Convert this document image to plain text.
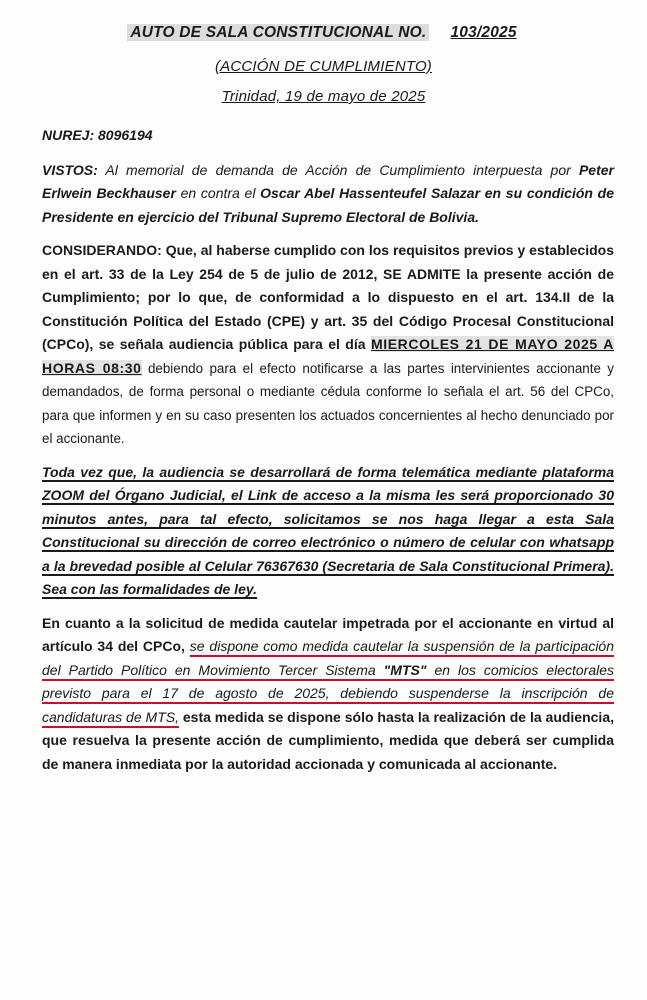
AUTO DE SALA CONSTITUCIONAL NO. 103/2025
(ACCIÓN DE CUMPLIMIENTO)
Trinidad, 19 de mayo de 2025

NUREJ: 8096194

VISTOS: Al memorial de demanda de Acción de Cumplimiento interpuesta por Peter Erlwein Beckhauser en contra el Oscar Abel Hassenteufel Salazar en su condición de Presidente en ejercicio del Tribunal Supremo Electoral de Bolivia.

CONSIDERANDO: Que, al haberse cumplido con los requisitos previos y establecidos en el art. 33 de la Ley 254 de 5 de julio de 2012, SE ADMITE la presente acción de Cumplimiento; por lo que, de conformidad a lo dispuesto en el art. 134.II de la Constitución Política del Estado (CPE) y art. 35 del Código Procesal Constitucional (CPCo), se señala audiencia pública para el día MIERCOLES 21 DE MAYO 2025 A HORAS 08:30 debiendo para el efecto notificarse a las partes intervinientes accionante y demandados, de forma personal o mediante cédula conforme lo señala el art. 56 del CPCo, para que informen y en su caso presenten los actuados concernientes al hecho denunciado por el accionante.

Toda vez que, la audiencia se desarrollará de forma telemática mediante plataforma ZOOM del Órgano Judicial, el Link de acceso a la misma les será proporcionado 30 minutos antes, para tal efecto, solicitamos se nos haga llegar a esta Sala Constitucional su dirección de correo electrónico o número de celular con whatsapp a la brevedad posible al Celular 76367630 (Secretaria de Sala Constitucional Primera). Sea con las formalidades de ley.

En cuanto a la solicitud de medida cautelar impetrada por el accionante en virtud al artículo 34 del CPCo, se dispone como medida cautelar la suspensión de la participación del Partido Político en Movimiento Tercer Sistema "MTS" en los comicios electorales previsto para el 17 de agosto de 2025, debiendo suspenderse la inscripción de candidaturas de MTS, esta medida se dispone sólo hasta la realización de la audiencia, que resuelva la presente acción de cumplimiento, medida que deberá ser cumplida de manera inmediata por la autoridad accionada y comunicada al accionante.
